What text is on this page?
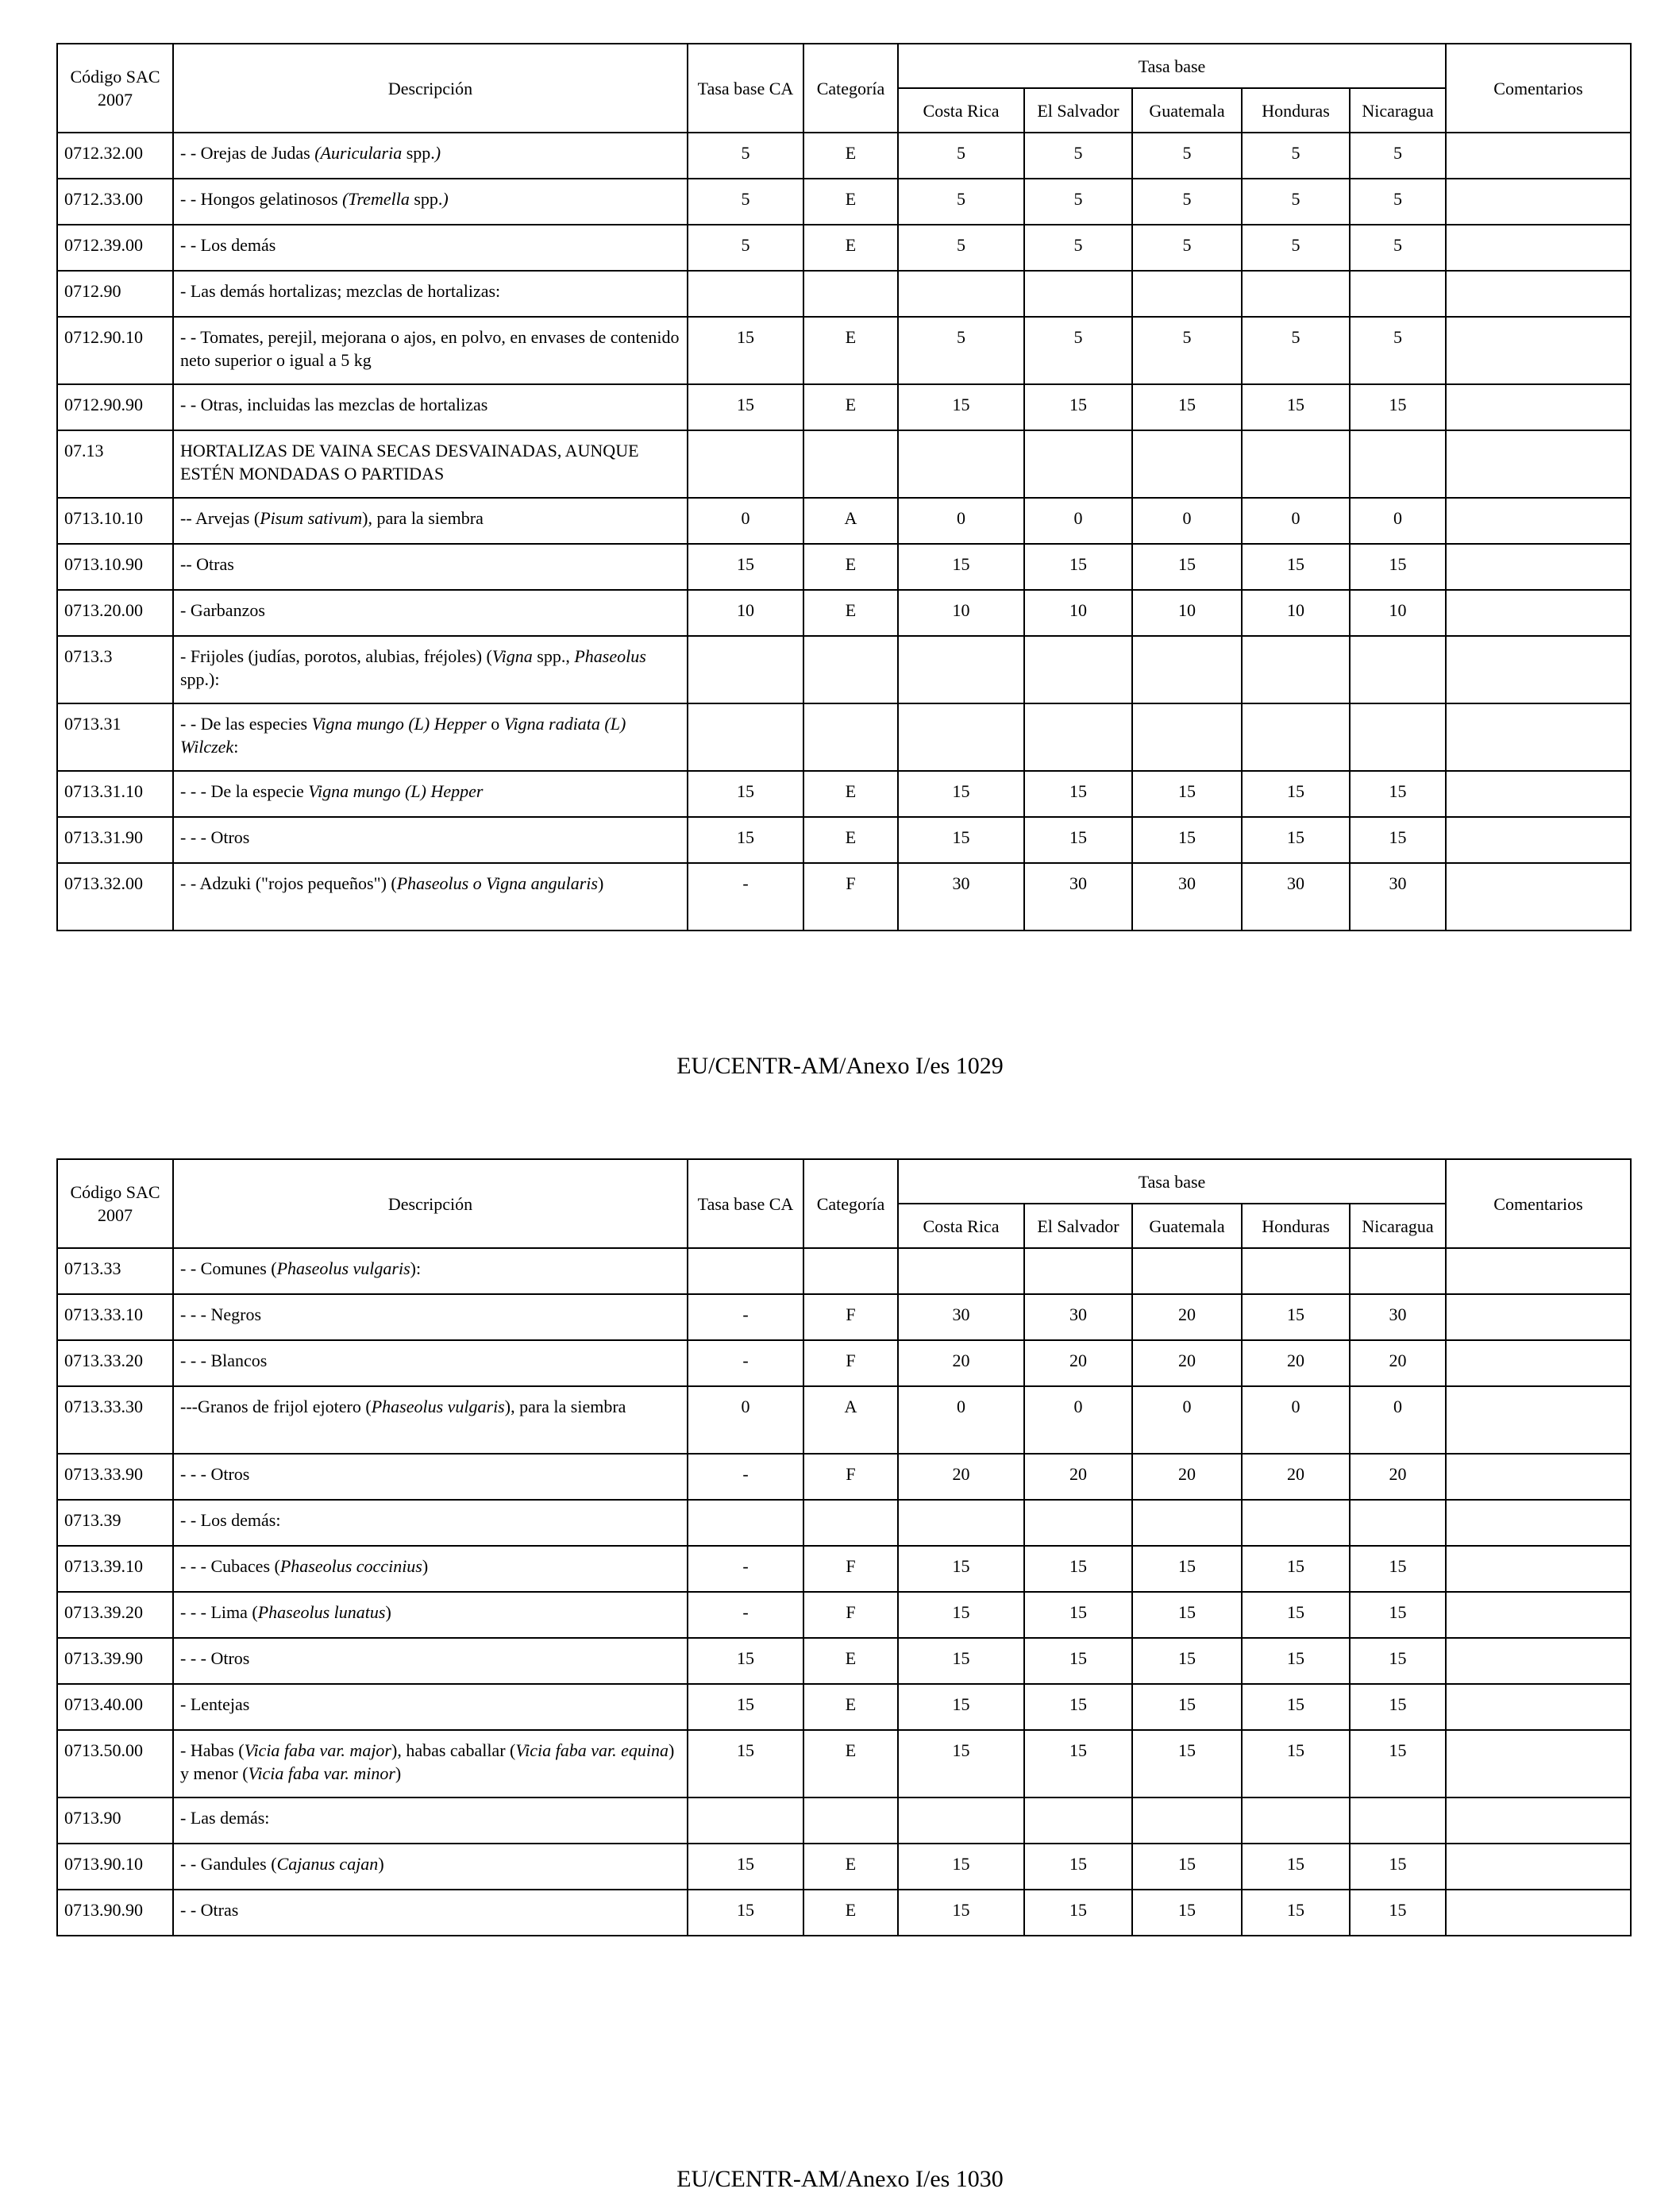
Código SAC 2007	Descripción	Tasa base CA	Categoría	Tasa base					Comentarios
				Costa Rica	El Salvador	Guatemala	Honduras	Nicaragua	
0712.32.00	- - Orejas de Judas (Auricularia spp.)	5	E	5	5	5	5	5	
0712.33.00	- - Hongos gelatinosos (Tremella spp.)	5	E	5	5	5	5	5	
0712.39.00	- - Los demás	5	E	5	5	5	5	5	
0712.90	- Las demás hortalizas; mezclas de hortalizas:								
0712.90.10	- - Tomates, perejil, mejorana o ajos, en polvo, en envases de contenido neto superior o igual a 5 kg	15	E	5	5	5	5	5	
0712.90.90	- - Otras, incluidas las mezclas de hortalizas	15	E	15	15	15	15	15	
07.13	HORTALIZAS DE VAINA SECAS DESVAINADAS, AUNQUE ESTÉN MONDADAS O PARTIDAS								
0713.10.10	-- Arvejas (Pisum sativum), para la siembra	0	A	0	0	0	0	0	
0713.10.90	-- Otras	15	E	15	15	15	15	15	
0713.20.00	- Garbanzos	10	E	10	10	10	10	10	
0713.3	- Frijoles (judías, porotos, alubias, fréjoles) (Vigna spp., Phaseolus spp.):								
0713.31	- - De las especies Vigna mungo (L) Hepper o Vigna radiata (L) Wilczek:								
0713.31.10	- - - De la especie Vigna mungo (L) Hepper	15	E	15	15	15	15	15	
0713.31.90	- - - Otros	15	E	15	15	15	15	15	
0713.32.00	- - Adzuki ("rojos pequeños") (Phaseolus o Vigna angularis)	-	F	30	30	30	30	30	
EU/CENTR-AM/Anexo I/es 1029
Código SAC 2007	Descripción	Tasa base CA	Categoría	Tasa base					Comentarios
				Costa Rica	El Salvador	Guatemala	Honduras	Nicaragua	
0713.33	- - Comunes (Phaseolus vulgaris):								
0713.33.10	- - - Negros	-	F	30	30	20	15	30	
0713.33.20	- - - Blancos	-	F	20	20	20	20	20	
0713.33.30	---Granos de frijol ejotero (Phaseolus vulgaris), para la siembra	0	A	0	0	0	0	0	
0713.33.90	- - - Otros	-	F	20	20	20	20	20	
0713.39	- - Los demás:								
0713.39.10	- - - Cubaces (Phaseolus coccinius)	-	F	15	15	15	15	15	
0713.39.20	- - - Lima (Phaseolus lunatus)	-	F	15	15	15	15	15	
0713.39.90	- - - Otros	15	E	15	15	15	15	15	
0713.40.00	- Lentejas	15	E	15	15	15	15	15	
0713.50.00	- Habas (Vicia faba var. major), habas caballar (Vicia faba var. equina) y menor (Vicia faba var. minor)	15	E	15	15	15	15	15	
0713.90	- Las demás:								
0713.90.10	- - Gandules (Cajanus cajan)	15	E	15	15	15	15	15	
0713.90.90	- - Otras	15	E	15	15	15	15	15	
EU/CENTR-AM/Anexo I/es 1030
